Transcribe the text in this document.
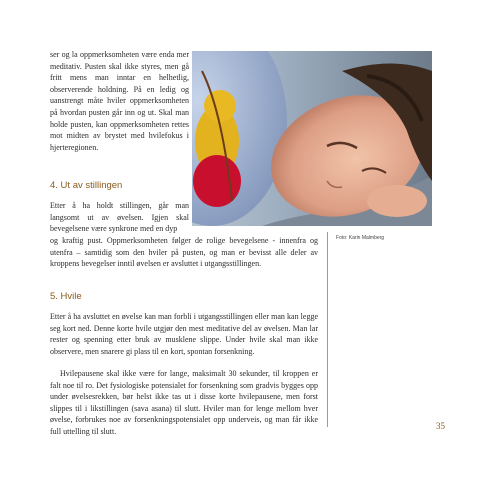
ser og la oppmerksomheten være enda mer meditativ. Pusten skal ikke styres, men gå fritt mens man inntar en helhetlig, observerende holdning. På en ledig og uanstrengt måte hviler oppmerksomheten på hvordan pusten går inn og ut. Skal man holde pusten, kan oppmerksomheten rettes mot midten av brystet med hvilefokus i hjerteregionen.

4. Ut av stillingen

Etter å ha holdt stillingen, går man langsomt ut av øvelsen. Igjen skal bevegelsene være synkrone med en dyp

og kraftig pust. Oppmerksomheten følger de rolige bevegelsene - innenfra og utenfra – samtidig som den hviler på pusten, og man er bevisst alle deler av kroppens bevegelser inntil øvelsen er avsluttet i utgangsstillingen.

Foto: Karin Malmberg

5. Hvile

Etter å ha avsluttet en øvelse kan man forbli i utgangsstillingen eller man kan legge seg kort ned. Denne korte hvile utgjør den mest meditative del av øvelsen. Man lar rester og spenning etter bruk av musklene slippe. Under hvile skal man ikke observere, men snarere gi plass til en kort, spontan forsenkning.

Hvilepausene skal ikke være for lange, maksimalt 30 sekunder, til kroppen er falt noe til ro. Det fysiologiske potensialet for forsenkning som gradvis bygges opp under øvelsesrekken, bør helst ikke tas ut i disse korte hvilepausene, men forst slippes til i likstillingen (sava asana) til slutt. Hviler man for lenge mellom hver øvelse, forbrukes noe av forsenkningspotensialet opp underveis, og man får ikke full uttelling til slutt.

35
